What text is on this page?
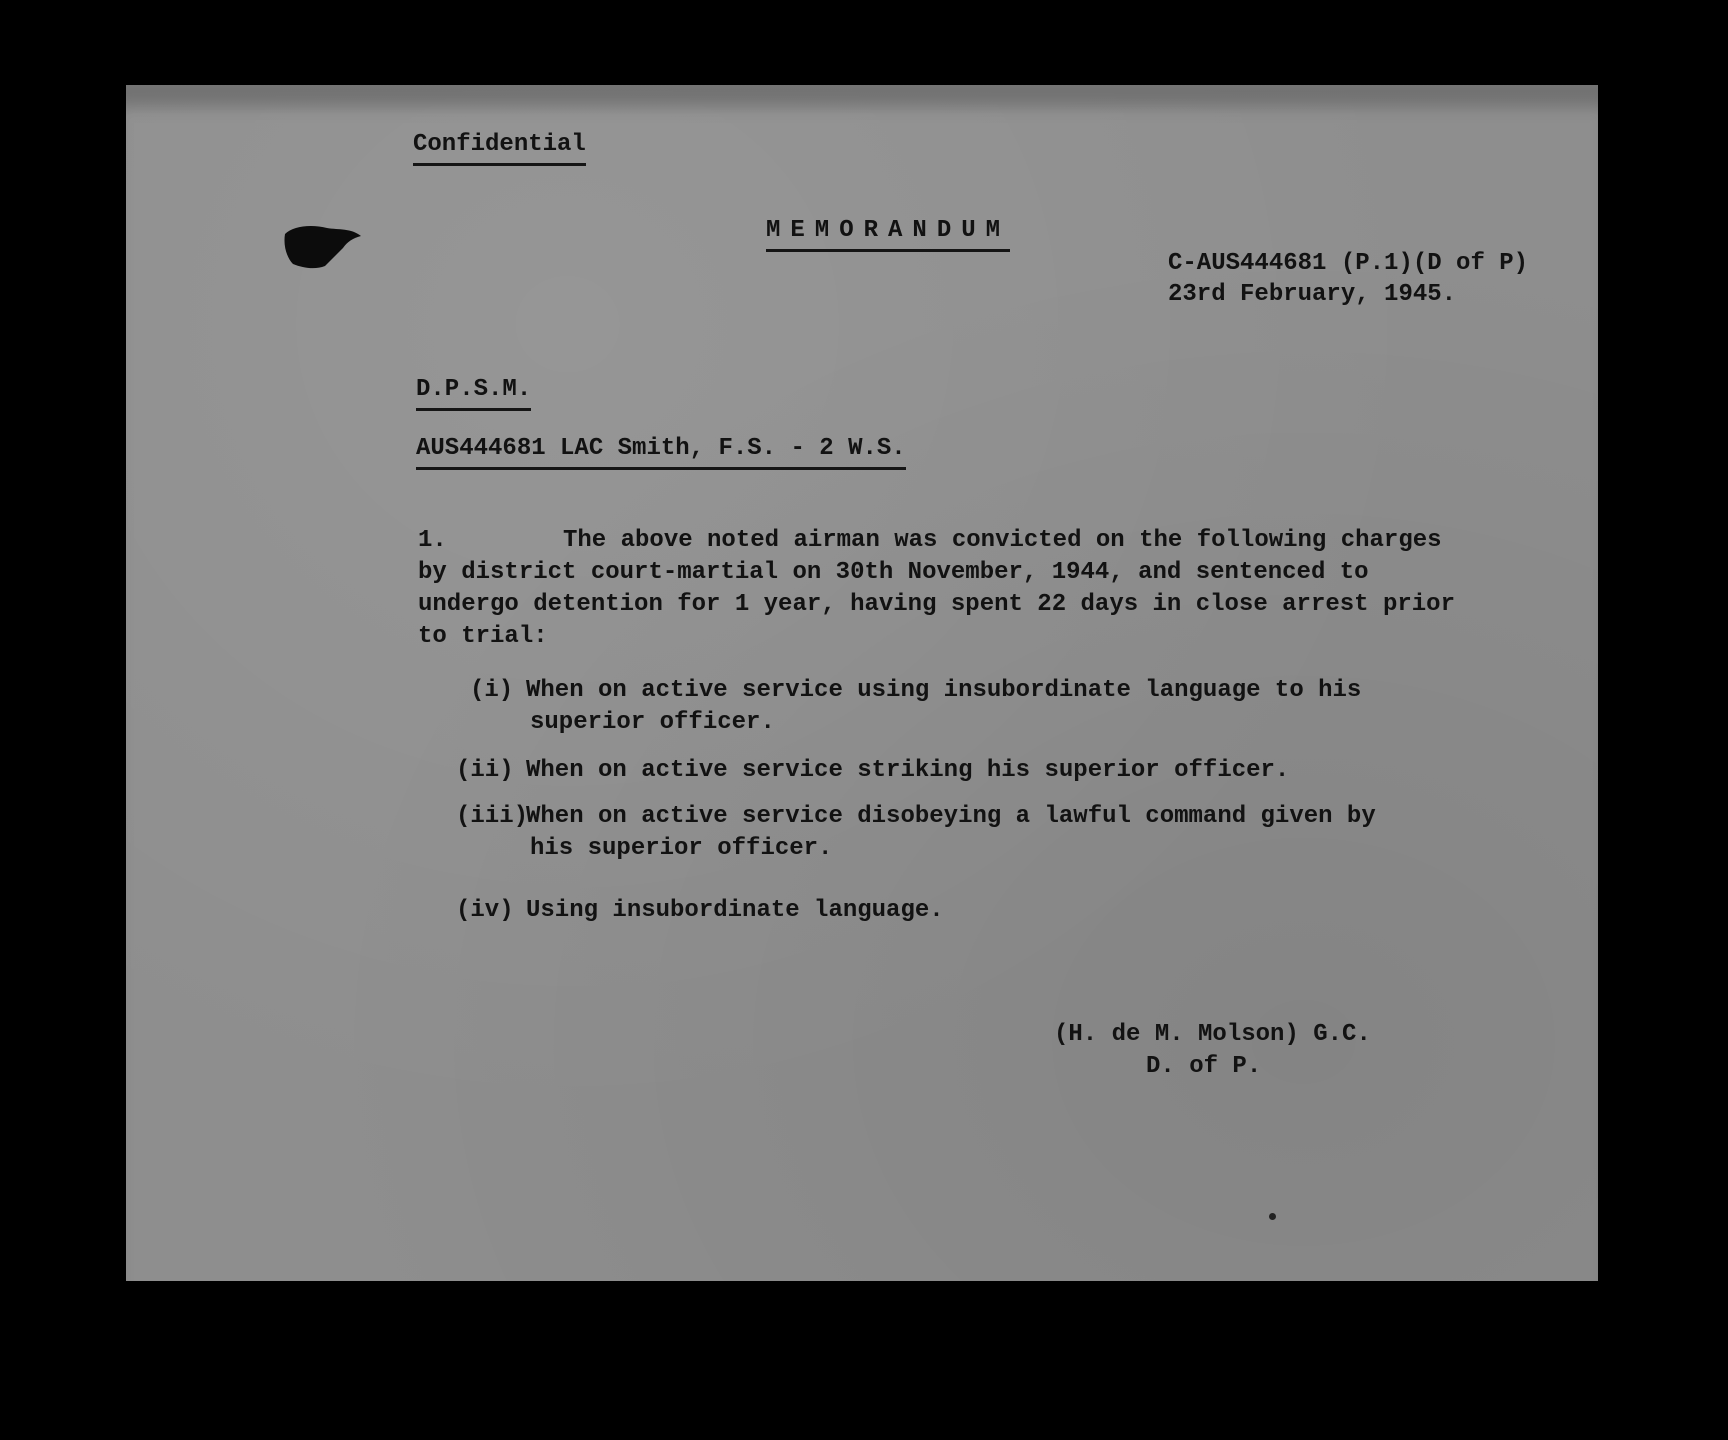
Confidential
MEMORANDUM
C-AUS444681 (P.1)(D of P)
23rd February, 1945.
D.P.S.M.
AUS444681 LAC Smith, F.S. - 2 W.S.
1.	The above noted airman was convicted on the following charges
by district court-martial on 30th November, 1944, and sentenced to
undergo detention for 1 year, having spent 22 days in close arrest prior
to trial:
(i) When on active service using insubordinate language to his
superior officer.
(ii) When on active service striking his superior officer.
(iii)
When on active service disobeying a lawful command given by
his superior officer.
(iv) Using insubordinate language.
(H. de M. Molson) G.C.
D. of P.
